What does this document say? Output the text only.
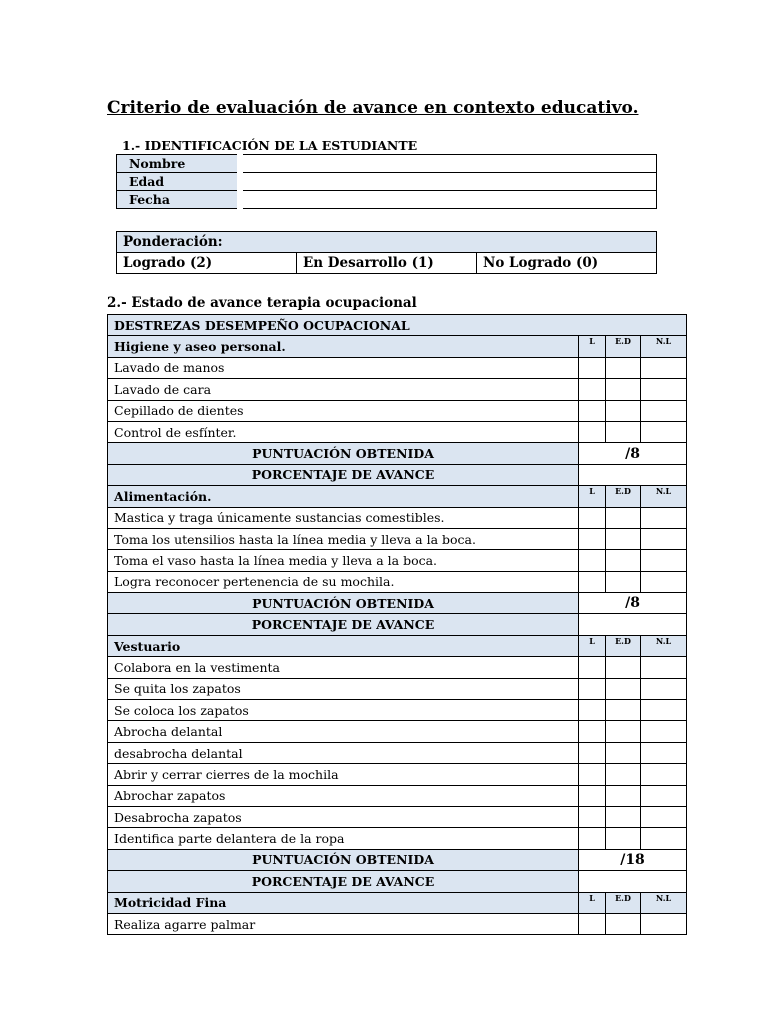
Criterio de evaluación de avance en contexto educativo.
1.- IDENTIFICACIÓN DE LA ESTUDIANTE
Nombre	
Edad	
Fecha	
Ponderación:
Logrado (2)	En Desarrollo (1)	No Logrado (0)
2.- Estado de avance terapia ocupacional
DESTREZAS DESEMPEÑO OCUPACIONAL			
Higiene y aseo personal.	L	E.D	N.L
Lavado de manos			
Lavado de cara			
Cepillado de dientes			
Control de esfínter.			
PUNTUACIÓN OBTENIDA	/8		
PORCENTAJE DE AVANCE			
Alimentación.	L	E.D	N.L
Mastica y traga únicamente sustancias comestibles.			
Toma los utensilios hasta la línea media y lleva a la boca.			
Toma el vaso hasta la línea media y lleva a la boca.			
Logra reconocer pertenencia de su mochila.			
PUNTUACIÓN OBTENIDA	/8		
PORCENTAJE DE AVANCE			
Vestuario	L	E.D	N.L
Colabora en la vestimenta			
Se quita los zapatos			
Se coloca los zapatos			
Abrocha delantal			
desabrocha delantal			
Abrir y cerrar cierres de la mochila			
Abrochar zapatos			
Desabrocha zapatos			
Identifica parte delantera de la ropa			
PUNTUACIÓN OBTENIDA	/18		
PORCENTAJE DE AVANCE			
Motricidad Fina	L	E.D	N.L
Realiza agarre palmar			
